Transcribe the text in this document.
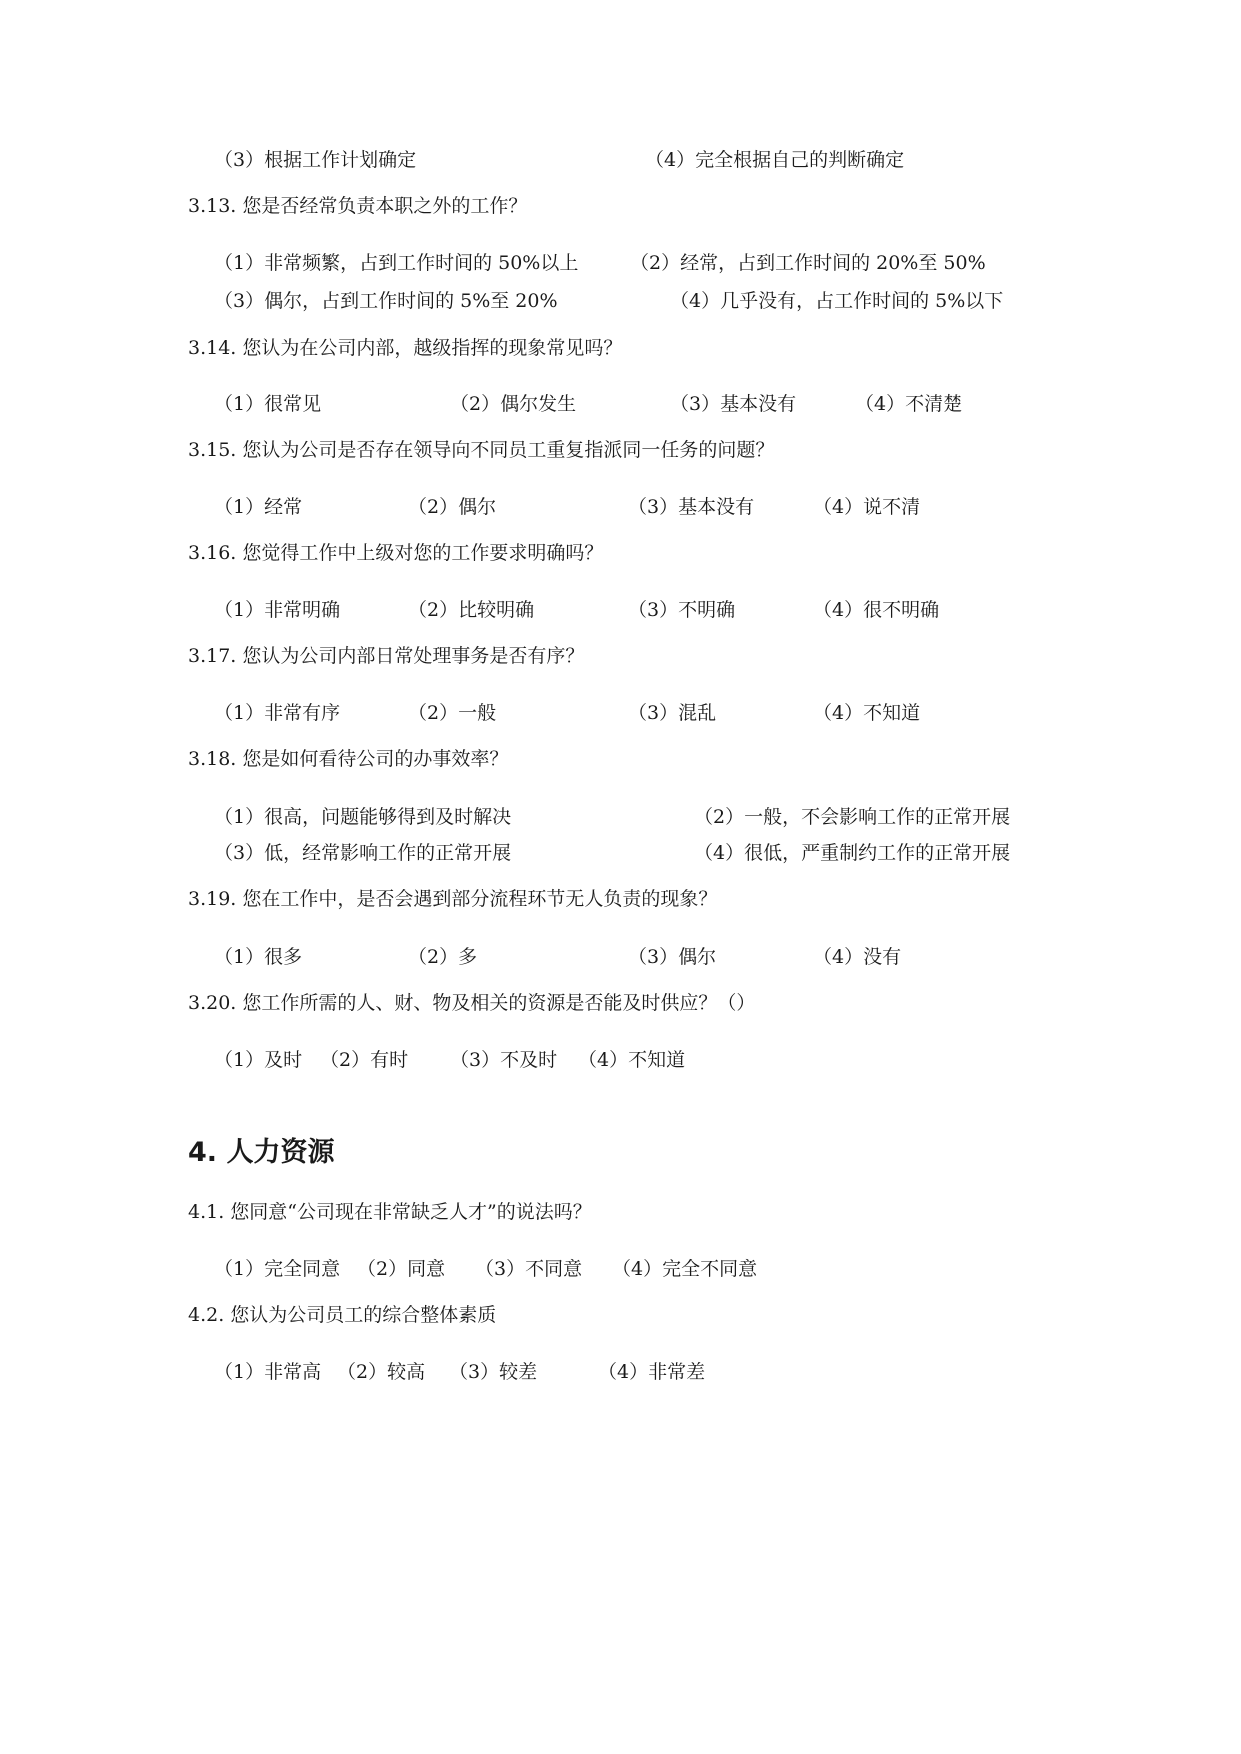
（3）根据工作计划确定	（4）完全根据自己的判断确定
3.13. 您是否经常负责本职之外的工作？
（1）非常频繁，占到工作时间的 50%以上	（2）经常，占到工作时间的 20%至 50%
（3）偶尔，占到工作时间的 5%至 20%	（4）几乎没有，占工作时间的 5%以下
3.14. 您认为在公司内部，越级指挥的现象常见吗？
（1）很常见	（2）偶尔发生	（3）基本没有	（4）不清楚
3.15. 您认为公司是否存在领导向不同员工重复指派同一任务的问题？
（1）经常	（2）偶尔	（3）基本没有	（4）说不清
3.16. 您觉得工作中上级对您的工作要求明确吗？
（1）非常明确	（2）比较明确	（3）不明确	（4）很不明确
3.17. 您认为公司内部日常处理事务是否有序？
（1）非常有序	（2）一般	（3）混乱	（4）不知道
3.18. 您是如何看待公司的办事效率？
（1）很高，问题能够得到及时解决	（2）一般，不会影响工作的正常开展
（3）低，经常影响工作的正常开展	（4）很低，严重制约工作的正常开展
3.19. 您在工作中，是否会遇到部分流程环节无人负责的现象？
（1）很多	（2）多	（3）偶尔	（4）没有
3.20. 您工作所需的人、财、物及相关的资源是否能及时供应？（）
（1）及时 （2）有时 （3）不及时 （4）不知道
4. 人力资源
4.1. 您同意“公司现在非常缺乏人才”的说法吗？
（1）完全同意 （2）同意 （3）不同意 （4）完全不同意
4.2. 您认为公司员工的综合整体素质
（1）非常高 （2）较高 （3）较差	（4）非常差
